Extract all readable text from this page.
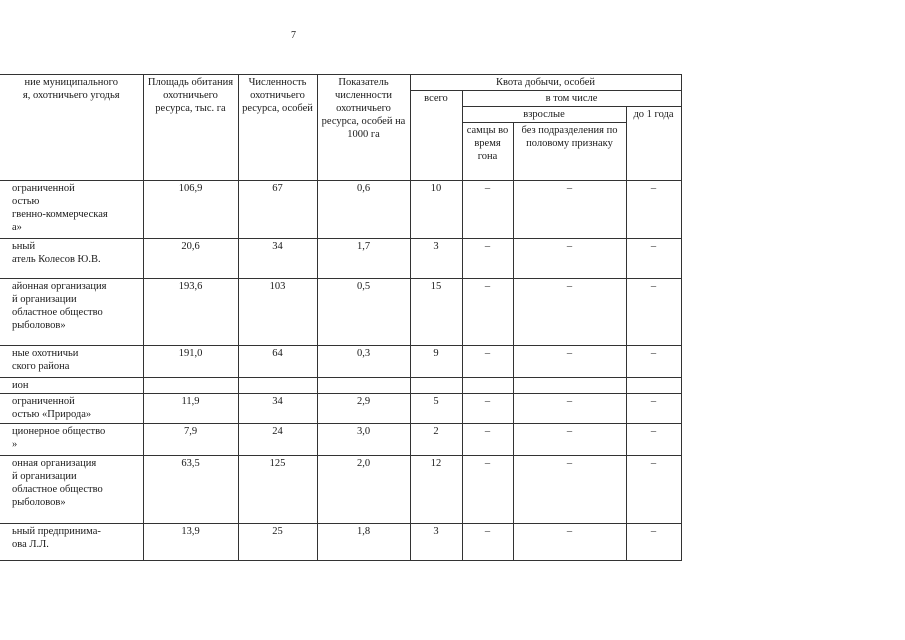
7
ние муниципального
я, охотничьего угодья	Площадь обитания охотничьего ресурса, тыс. га	Численность охотничьего ресурса, особей	Показатель численности охотничьего ресурса, особей на 1000 га	Квота добычи, особей			
				всего	в том числе		
					взрослые		до 1 года
					самцы во время гона	без подразделения по половому признаку	
ограниченной
остью
гвенно-коммерческая
а»	106,9	67	0,6	10	–	–	–
ьный
атель Колесов Ю.В.	20,6	34	1,7	3	–	–	–
айонная организация
й организации
областное общество
рыболовов»	193,6	103	0,5	15	–	–	–
ные охотничьи
ского района	191,0	64	0,3	9	–	–	–
ион							
ограниченной
остью «Природа»	11,9	34	2,9	5	–	–	–
ционерное общество
»	7,9	24	3,0	2	–	–	–
онная организация
й организации
областное общество
рыболовов»	63,5	125	2,0	12	–	–	–
ьный предпринима-
ова Л.Л.	13,9	25	1,8	3	–	–	–
